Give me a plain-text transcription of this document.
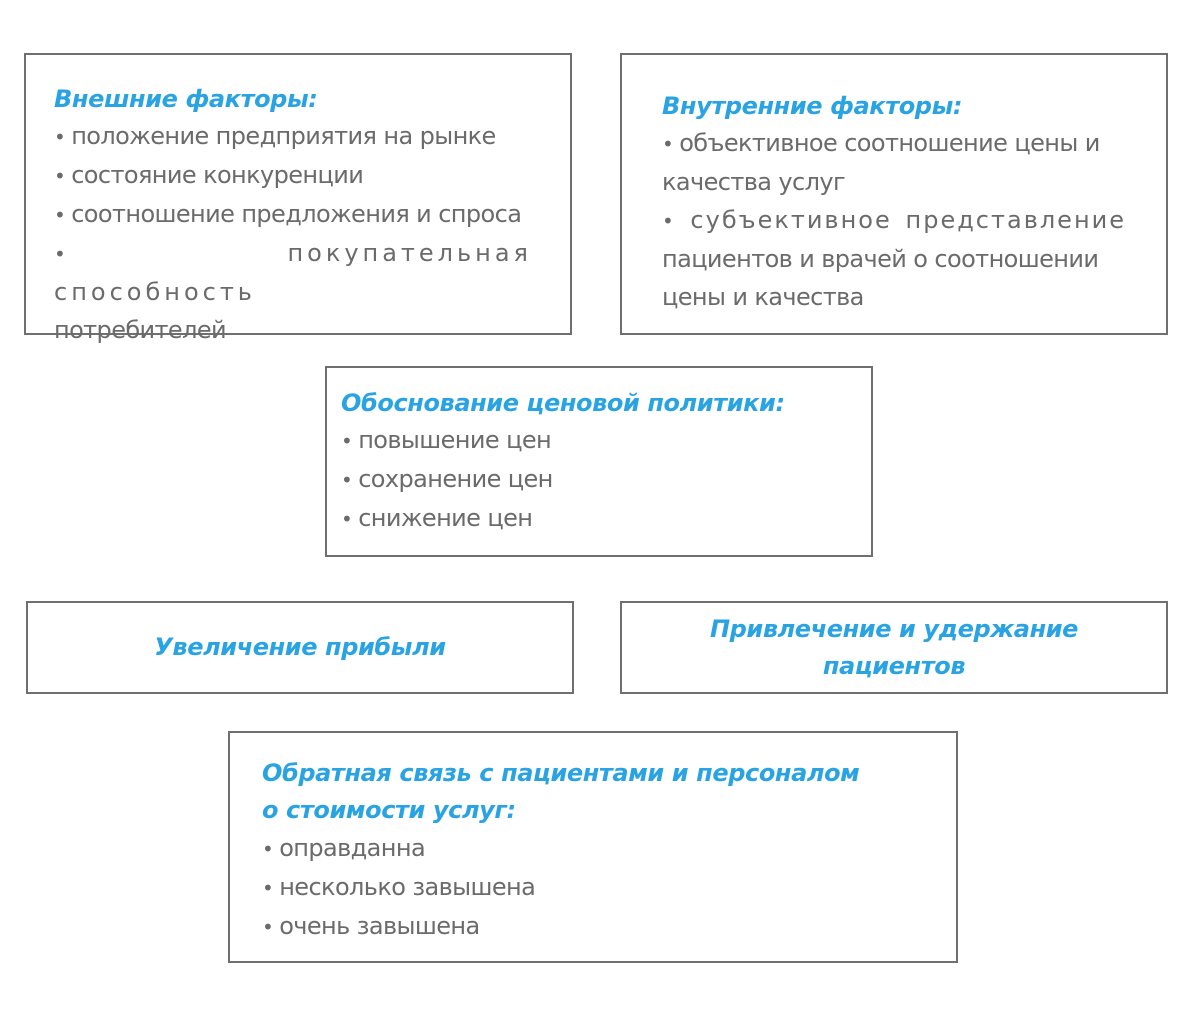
Внешние факторы:
• положение предприятия на рынке
• состояние конкуренции
• соотношение предложения и спроса
•	покупательная способность
потребителей
Внутренние факторы:
• объективное соотношение цены и
качества услуг
• субъективное представление
пациентов и врачей о соотношении
цены и качества
Обоснование ценовой политики:
• повышение цен
• сохранение цен
• снижение цен
Увеличение прибыли
Привлечение и удержание
пациентов
Обратная связь с пациентами и персоналом
о стоимости услуг:
• оправданна
• несколько завышена
• очень завышена
